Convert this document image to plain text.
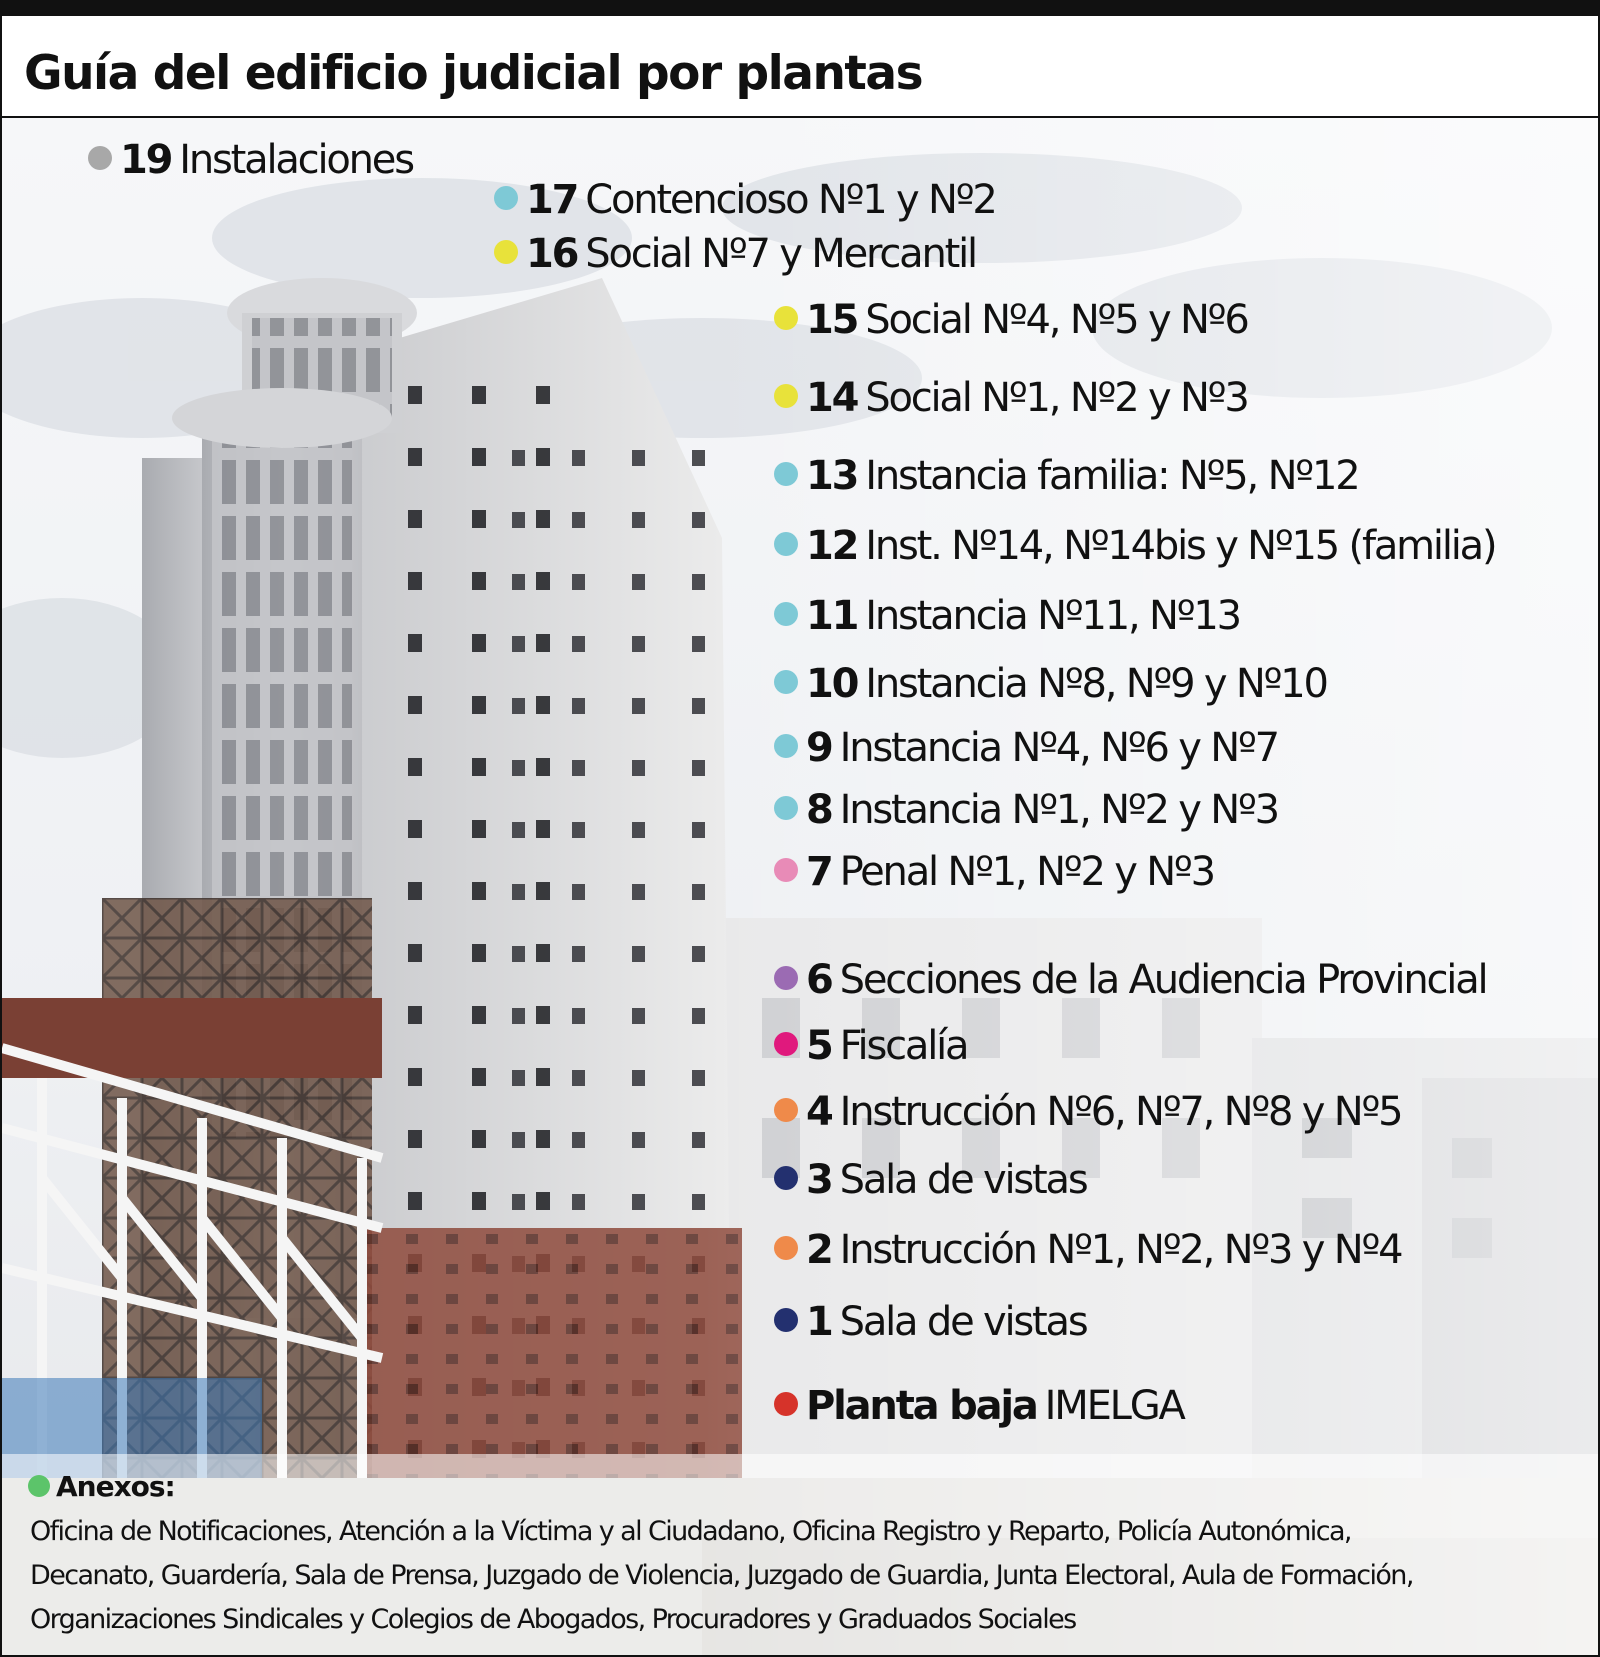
Guía del edificio judicial por plantas
19 Instalaciones
17 Contencioso Nº1 y Nº2
16 Social Nº7 y Mercantil
15 Social Nº4, Nº5 y Nº6
14 Social Nº1, Nº2 y Nº3
13 Instancia familia: Nº5, Nº12
12 Inst. Nº14, Nº14bis y Nº15 (familia)
11 Instancia Nº11, Nº13
10 Instancia Nº8, Nº9 y Nº10
9 Instancia Nº4, Nº6 y Nº7
8 Instancia Nº1, Nº2 y Nº3
7 Penal Nº1, Nº2 y Nº3
6 Secciones de la Audiencia Provincial
5 Fiscalía
4 Instrucción Nº6, Nº7, Nº8 y Nº5
3 Sala de vistas
2 Instrucción Nº1, Nº2, Nº3 y Nº4
1 Sala de vistas
Planta baja IMELGA
Anexos:
Oficina de Notificaciones, Atención a la Víctima y al Ciudadano, Oficina Registro y Reparto, Policía Autonómica,
Decanato, Guardería, Sala de Prensa, Juzgado de Violencia, Juzgado de Guardia, Junta Electoral, Aula de Formación,
Organizaciones Sindicales y Colegios de Abogados, Procuradores y Graduados Sociales
